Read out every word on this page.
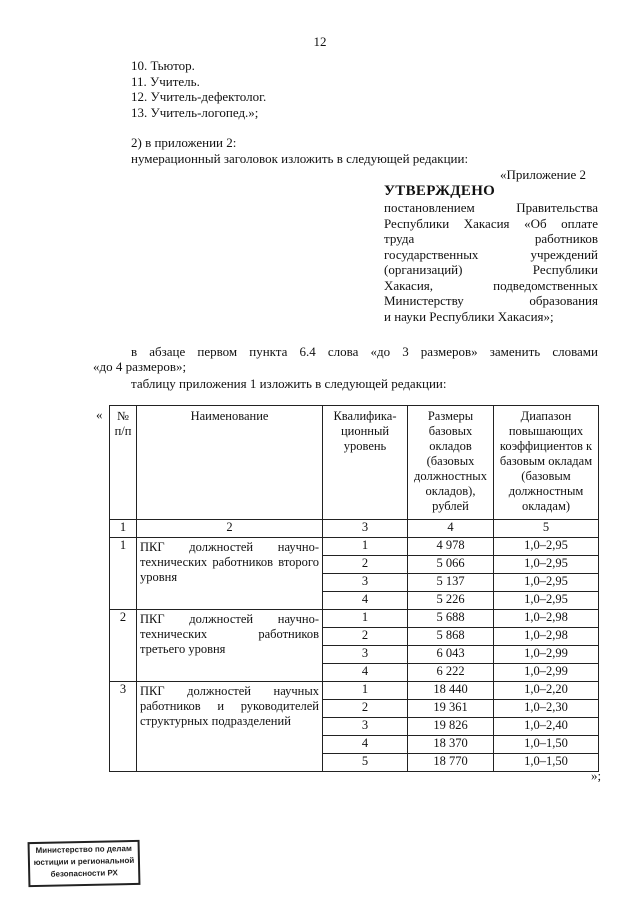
12
10. Тьютор.
11. Учитель.
12. Учитель-дефектолог.
13. Учитель-логопед.»;
2) в приложении 2:
нумерационный заголовок изложить в следующей редакции:
«Приложение 2
УТВЕРЖДЕНО
постановлением Правительства
Республики Хакасия «Об оплате
труда работников
государственных учреждений
(организаций) Республики
Хакасия, подведомственных
Министерству образования
и науки Республики Хакасия»;
в абзаце первом пункта 6.4 слова «до 3 размеров» заменить словами
«до 4 размеров»;
таблицу приложения 1 изложить в следующей редакции:
« № п/п	Наименование	Квалифика-ционный уровень	Размеры базовых окладов (базовых должностных окладов), рублей	Диапазон повышающих коэффициентов к базовым окладам (базовым должностным окладам)
1	2	3	4	5
1	ПКГ должностей научно-технических работников второго уровня	1	4 978	1,0–2,95
		2	5 066	1,0–2,95
		3	5 137	1,0–2,95
		4	5 226	1,0–2,95
2	ПКГ должностей научно-технических работников третьего уровня	1	5 688	1,0–2,98
		2	5 868	1,0–2,98
		3	6 043	1,0–2,99
		4	6 222	1,0–2,99
3	ПКГ должностей научных работников и руководителей структурных подразделений	1	18 440	1,0–2,20
		2	19 361	1,0–2,30
		3	19 826	1,0–2,40
		4	18 370	1,0–1,50
		5	18 770	1,0–1,50
»;
Министерство по делам
юстиции и региональной
безопасности РХ
